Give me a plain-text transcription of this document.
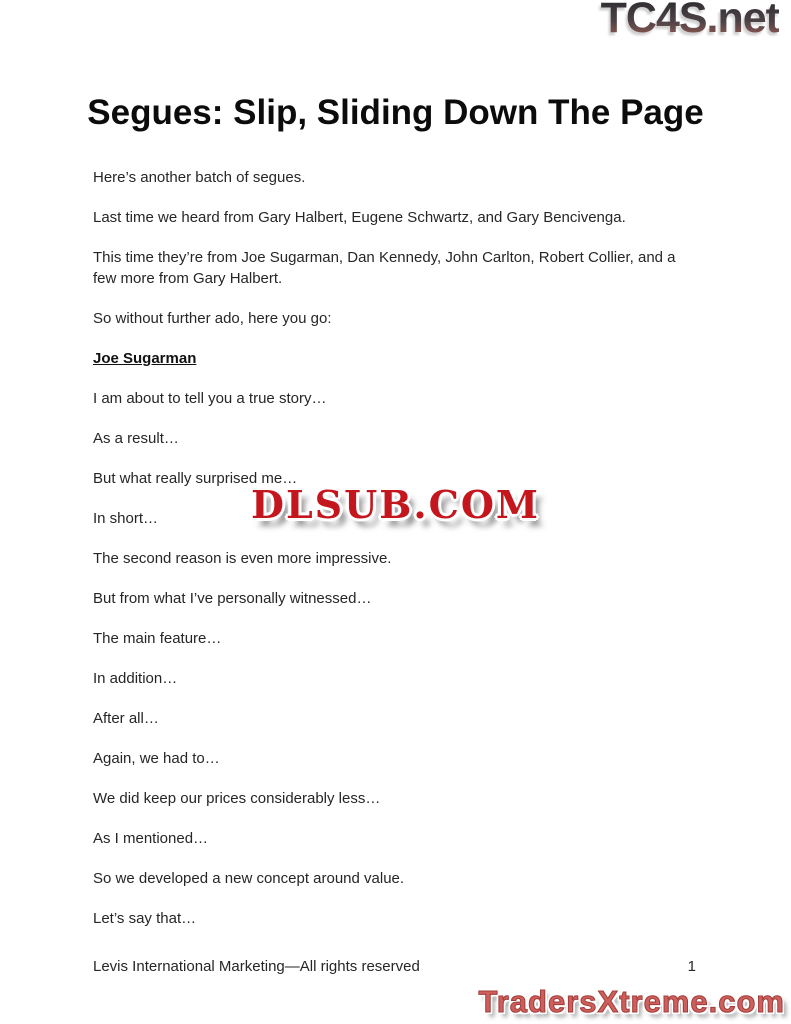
TC4S.net
Segues: Slip, Sliding Down The Page

Here’s another batch of segues.

Last time we heard from Gary Halbert, Eugene Schwartz, and Gary Bencivenga.

This time they’re from Joe Sugarman, Dan Kennedy, John Carlton, Robert Collier, and a few more from Gary Halbert.

So without further ado, here you go:

Joe Sugarman

I am about to tell you a true story…

As a result…

But what really surprised me…

In short…

The second reason is even more impressive.

But from what I’ve personally witnessed…

The main feature…

In addition…

After all…

Again, we had to…

We did keep our prices considerably less…

As I mentioned…

So we developed a new concept around value.

Let’s say that…

DLSUB.COM
Levis International Marketing—All rights reserved	1
TradersXtreme.com
